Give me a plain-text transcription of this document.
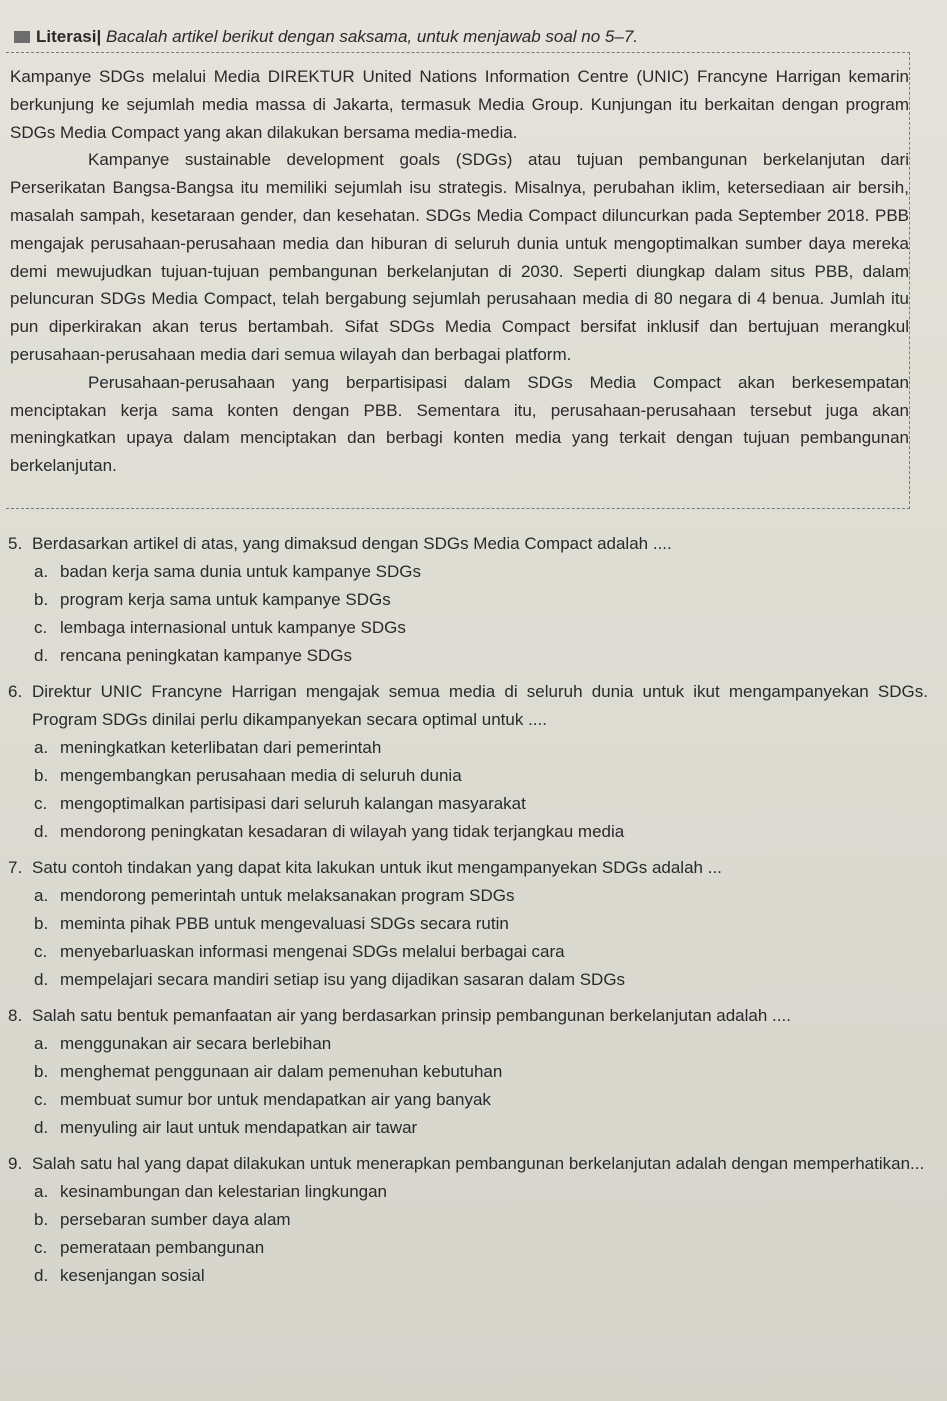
Literasi| Bacalah artikel berikut dengan saksama, untuk menjawab soal no 5–7.

Kampanye SDGs melalui Media DIREKTUR United Nations Information Centre (UNIC) Francyne Harrigan kemarin berkunjung ke sejumlah media massa di Jakarta, termasuk Media Group. Kunjungan itu berkaitan dengan program SDGs Media Compact yang akan dilakukan bersama media-media.

Kampanye sustainable development goals (SDGs) atau tujuan pembangunan berkelanjutan dari Perserikatan Bangsa-Bangsa itu memiliki sejumlah isu strategis. Misalnya, perubahan iklim, ketersediaan air bersih, masalah sampah, kesetaraan gender, dan kesehatan. SDGs Media Compact diluncurkan pada September 2018. PBB mengajak perusahaan-perusahaan media dan hiburan di seluruh dunia untuk mengoptimalkan sumber daya mereka demi mewujudkan tujuan-tujuan pembangunan berkelanjutan di 2030. Seperti diungkap dalam situs PBB, dalam peluncuran SDGs Media Compact, telah bergabung sejumlah perusahaan media di 80 negara di 4 benua. Jumlah itu pun diperkirakan akan terus bertambah. Sifat SDGs Media Compact bersifat inklusif dan bertujuan merangkul perusahaan-perusahaan media dari semua wilayah dan berbagai platform.

Perusahaan-perusahaan yang berpartisipasi dalam SDGs Media Compact akan berkesempatan menciptakan kerja sama konten dengan PBB. Sementara itu, perusahaan-perusahaan tersebut juga akan meningkatkan upaya dalam menciptakan dan berbagi konten media yang terkait dengan tujuan pembangunan berkelanjutan.

5. Berdasarkan artikel di atas, yang dimaksud dengan SDGs Media Compact adalah ....
a. badan kerja sama dunia untuk kampanye SDGs
b. program kerja sama untuk kampanye SDGs
c. lembaga internasional untuk kampanye SDGs
d. rencana peningkatan kampanye SDGs
6. Direktur UNIC Francyne Harrigan mengajak semua media di seluruh dunia untuk ikut mengampanyekan SDGs. Program SDGs dinilai perlu dikampanyekan secara optimal untuk ....
a. meningkatkan keterlibatan dari pemerintah
b. mengembangkan perusahaan media di seluruh dunia
c. mengoptimalkan partisipasi dari seluruh kalangan masyarakat
d. mendorong peningkatan kesadaran di wilayah yang tidak terjangkau media
7. Satu contoh tindakan yang dapat kita lakukan untuk ikut mengampanyekan SDGs adalah ...
a. mendorong pemerintah untuk melaksanakan program SDGs
b. meminta pihak PBB untuk mengevaluasi SDGs secara rutin
c. menyebarluaskan informasi mengenai SDGs melalui berbagai cara
d. mempelajari secara mandiri setiap isu yang dijadikan sasaran dalam SDGs
8. Salah satu bentuk pemanfaatan air yang berdasarkan prinsip pembangunan berkelanjutan adalah ....
a. menggunakan air secara berlebihan
b. menghemat penggunaan air dalam pemenuhan kebutuhan
c. membuat sumur bor untuk mendapatkan air yang banyak
d. menyuling air laut untuk mendapatkan air tawar
9. Salah satu hal yang dapat dilakukan untuk menerapkan pembangunan berkelanjutan adalah dengan memperhatikan...
a. kesinambungan dan kelestarian lingkungan
b. persebaran sumber daya alam
c. pemerataan pembangunan
d. kesenjangan sosial
